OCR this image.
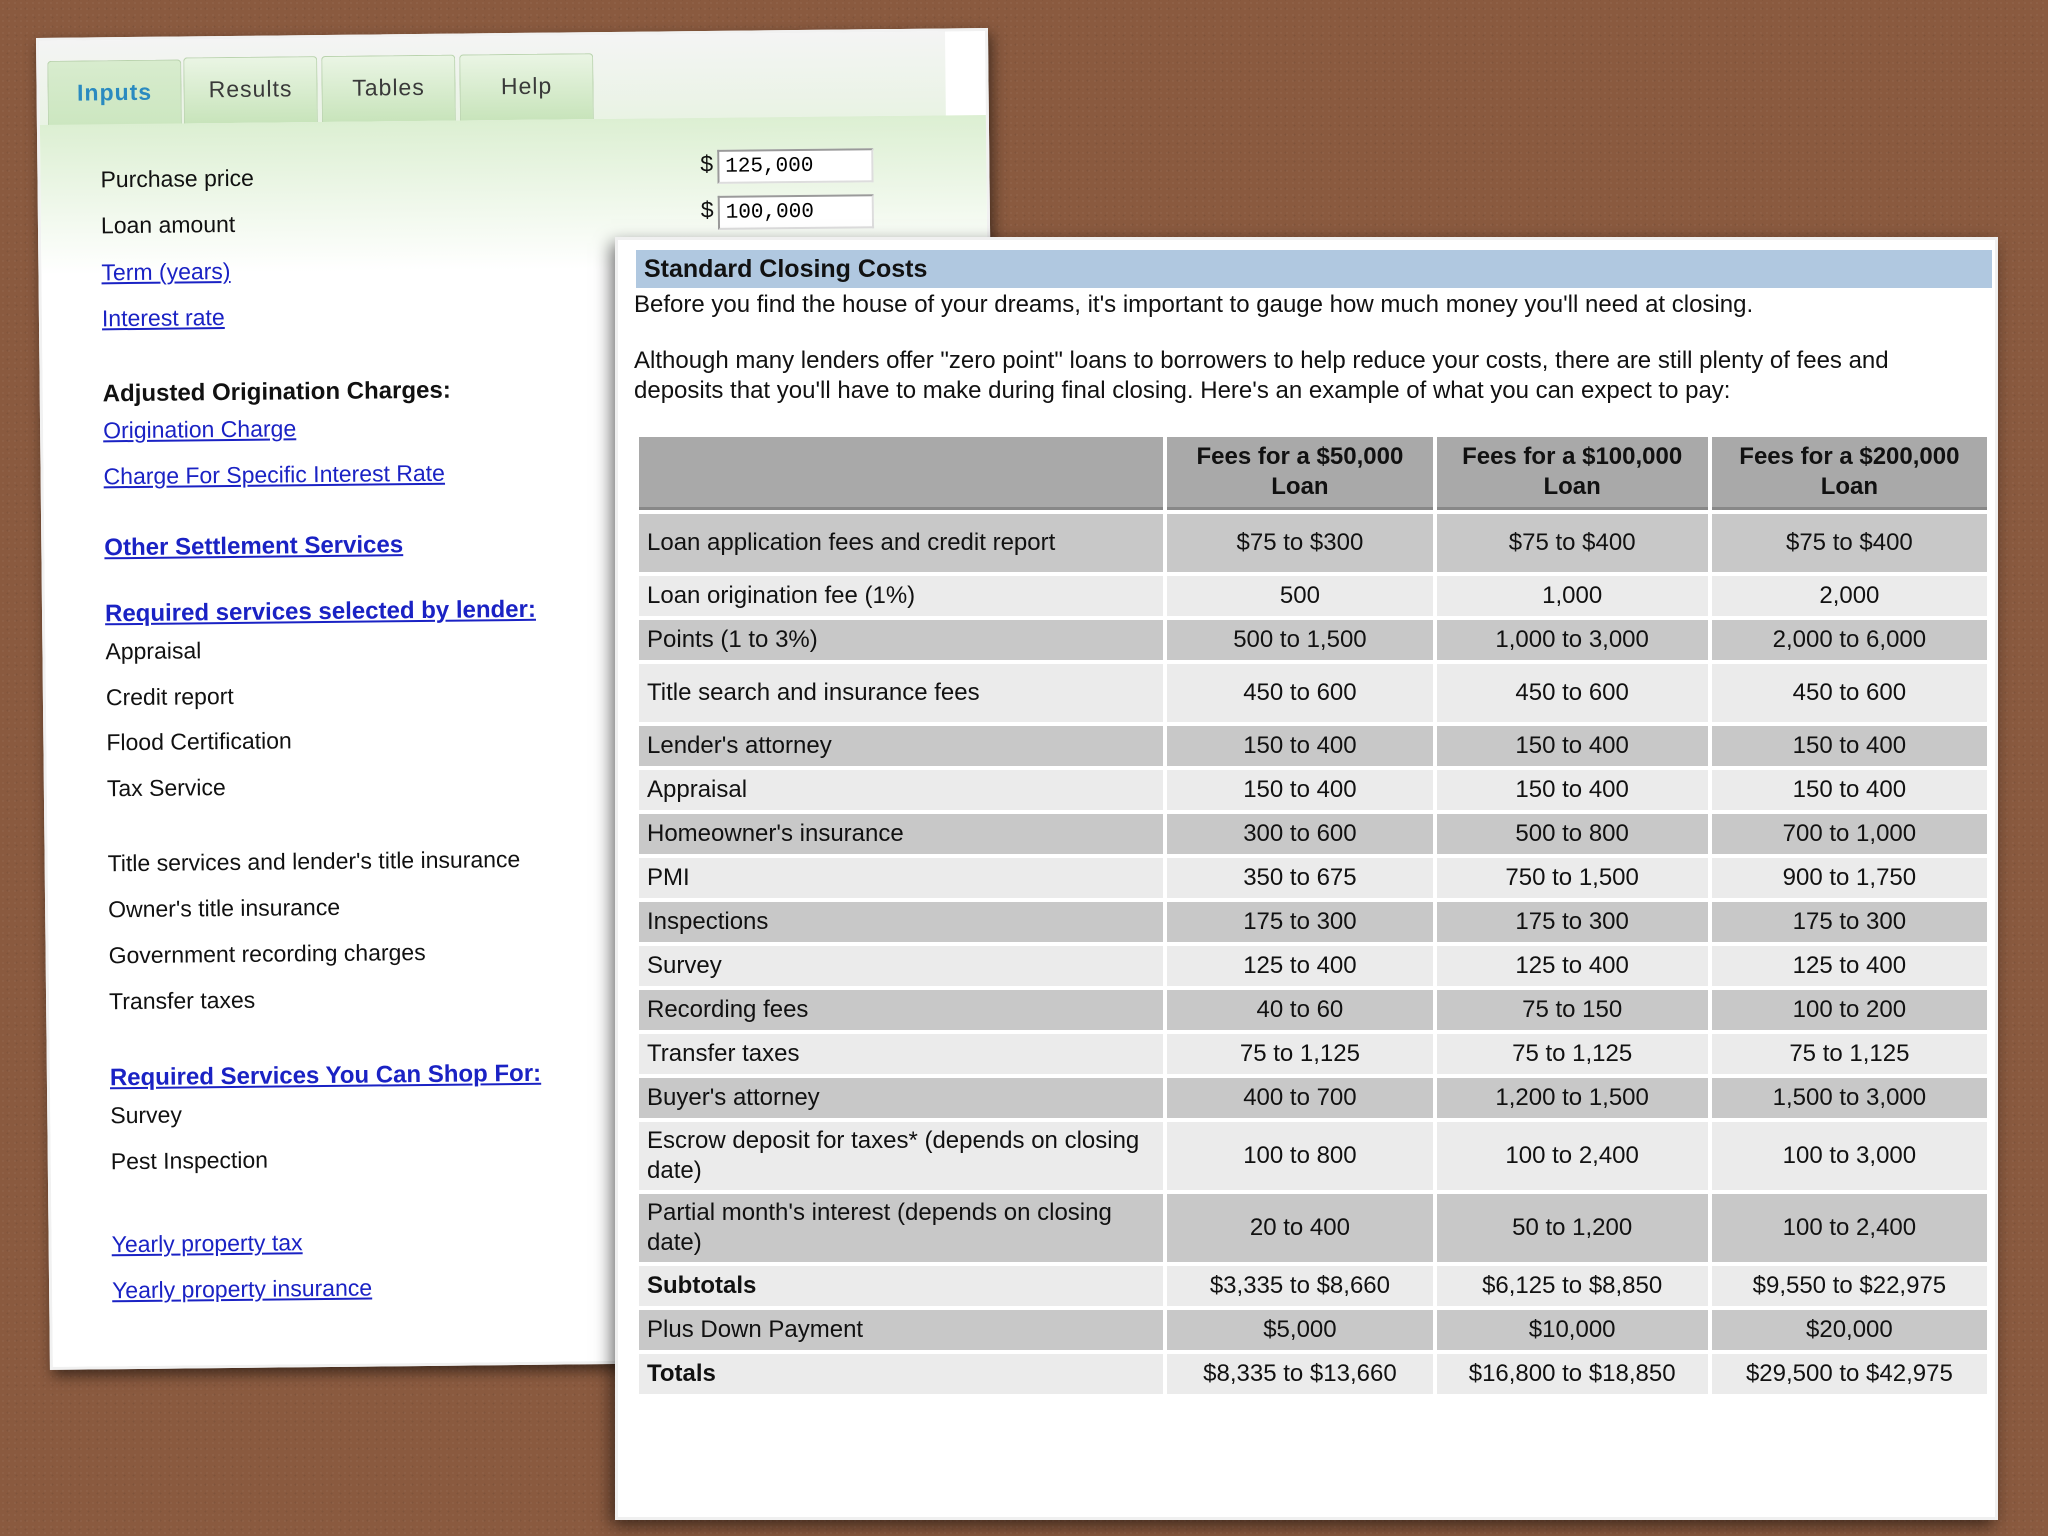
Inputs	Results	Tables	Help
Purchase price
$125,000
Loan amount
$100,000
Term (years)
Interest rate
Adjusted Origination Charges:
Origination Charge
Charge For Specific Interest Rate
Other Settlement Services
Required services selected by lender:
Appraisal
Credit report
Flood Certification
Tax Service
Title services and lender's title insurance
Owner's title insurance
Government recording charges
Transfer taxes
Required Services You Can Shop For:
Survey
Pest Inspection
Yearly property tax
Yearly property insurance
Standard Closing Costs
Before you find the house of your dreams, it's important to gauge how much money you'll need at closing.
Although many lenders offer "zero point" loans to borrowers to help reduce your costs, there are still plenty of fees and deposits that you'll have to make during final closing. Here's an example of what you can expect to pay:
	Fees for a $50,000 Loan	Fees for a $100,000 Loan	Fees for a $200,000 Loan
Loan application fees and credit report	$75 to $300	$75 to $400	$75 to $400
Loan origination fee (1%)	500	1,000	2,000
Points (1 to 3%)	500 to 1,500	1,000 to 3,000	2,000 to 6,000
Title search and insurance fees	450 to 600	450 to 600	450 to 600
Lender's attorney	150 to 400	150 to 400	150 to 400
Appraisal	150 to 400	150 to 400	150 to 400
Homeowner's insurance	300 to 600	500 to 800	700 to 1,000
PMI	350 to 675	750 to 1,500	900 to 1,750
Inspections	175 to 300	175 to 300	175 to 300
Survey	125 to 400	125 to 400	125 to 400
Recording fees	40 to 60	75 to 150	100 to 200
Transfer taxes	75 to 1,125	75 to 1,125	75 to 1,125
Buyer's attorney	400 to 700	1,200 to 1,500	1,500 to 3,000
Escrow deposit for taxes* (depends on closing date)	100 to 800	100 to 2,400	100 to 3,000
Partial month's interest (depends on closing date)	20 to 400	50 to 1,200	100 to 2,400
Subtotals	$3,335 to $8,660	$6,125 to $8,850	$9,550 to $22,975
Plus Down Payment	$5,000	$10,000	$20,000
Totals	$8,335 to $13,660	$16,800 to $18,850	$29,500 to $42,975
